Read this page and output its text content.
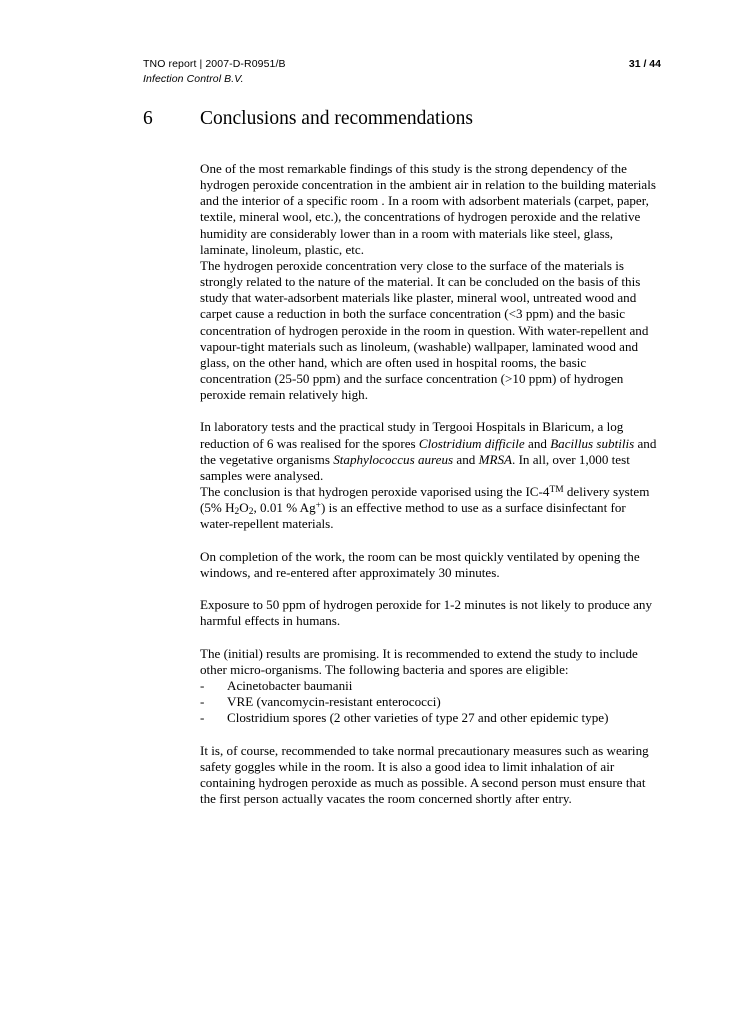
TNO report | 2007-D-R0951/B	31 / 44
Infection Control B.V.
6	Conclusions and recommendations

One of the most remarkable findings of this study is the strong dependency of the hydrogen peroxide concentration in the ambient air in relation to the building materials and the interior of a specific room . In a room with adsorbent materials (carpet, paper, textile, mineral wool, etc.), the concentrations of hydrogen peroxide and the relative humidity are considerably lower than in a room with materials like steel, glass, laminate, linoleum, plastic, etc.

The hydrogen peroxide concentration very close to the surface of the materials is strongly related to the nature of the material. It can be concluded on the basis of this study that water-adsorbent materials like plaster, mineral wool, untreated wood and carpet cause a reduction in both the surface concentration (<3 ppm) and the basic concentration of hydrogen peroxide in the room in question. With water-repellent and vapour-tight materials such as linoleum, (washable) wallpaper, laminated wood and glass, on the other hand, which are often used in hospital rooms, the basic concentration (25-50 ppm) and the surface concentration (>10 ppm) of hydrogen peroxide remain relatively high.

In laboratory tests and the practical study in Tergooi Hospitals in Blaricum, a log reduction of 6 was realised for the spores Clostridium difficile and Bacillus subtilis and the vegetative organisms Staphylococcus aureus and MRSA. In all, over 1,000 test samples were analysed.

The conclusion is that hydrogen peroxide vaporised using the IC-4™ delivery system (5% $H_2O_2$, 0.01 % Ag+) is an effective method to use as a surface disinfectant for water-repellent materials.

On completion of the work, the room can be most quickly ventilated by opening the windows, and re-entered after approximately 30 minutes.

Exposure to 50 ppm of hydrogen peroxide for 1-2 minutes is not likely to produce any harmful effects in humans.

The (initial) results are promising. It is recommended to extend the study to include other micro-organisms. The following bacteria and spores are eligible:

-	Acinetobacter baumanii
-	VRE (vancomycin-resistant enterococci)
-	Clostridium spores (2 other varieties of type 27 and other epidemic type)

It is, of course, recommended to take normal precautionary measures such as wearing safety goggles while in the room. It is also a good idea to limit inhalation of air containing hydrogen peroxide as much as possible. A second person must ensure that the first person actually vacates the room concerned shortly after entry.
